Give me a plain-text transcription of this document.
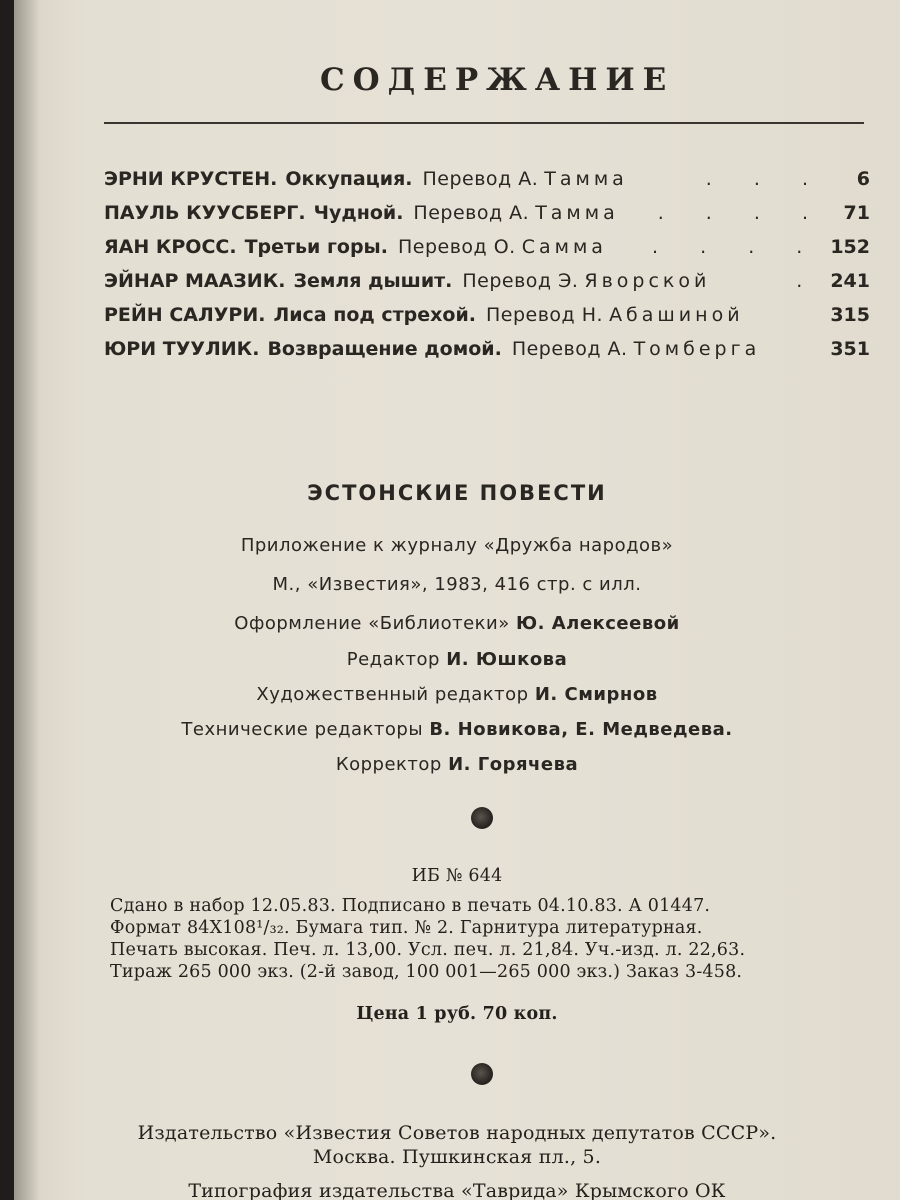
СОДЕРЖАНИЕ
ЭРНИ КРУСТЕН. Оккупация. Перевод А. Тамма	. . .	6
ПАУЛЬ КУУСБЕРГ. Чудной. Перевод А. Тамма	. . . . 71
ЯАН КРОСС. Третьи горы. Перевод О. Самма	. . . . 152
ЭЙНАР МААЗИК. Земля дышит. Перевод Э. Яворской	. 241
РЕЙН САЛУРИ. Лиса под стрехой. Перевод Н. Абашиной	315
ЮРИ ТУУЛИК. Возвращение домой. Перевод А. Томберга	351
ЭСТОНСКИЕ ПОВЕСТИ
Приложение к журналу «Дружба народов»
М., «Известия», 1983, 416 стр. с илл.
Оформление «Библиотеки» Ю. Алексеевой
Редактор И. Юшкова
Художественный редактор И. Смирнов
Технические редакторы В. Новикова, Е. Медведева.
Корректор И. Горячева
ИБ № 644
Сдано в набор 12.05.83. Подписано в печать 04.10.83. А 01447.
Формат 84X108¹/₃₂. Бумага тип. № 2. Гарнитура литературная.
Печать высокая. Печ. л. 13,00. Усл. печ. л. 21,84. Уч.-изд. л. 22,63.
Тираж 265 000 экз. (2-й завод, 100 001—265 000 экз.) Заказ 3-458.
Цена 1 руб. 70 коп.
Издательство «Известия Советов народных депутатов СССР».
Москва. Пушкинская пл., 5.
Типография издательства «Таврида» Крымского ОК
